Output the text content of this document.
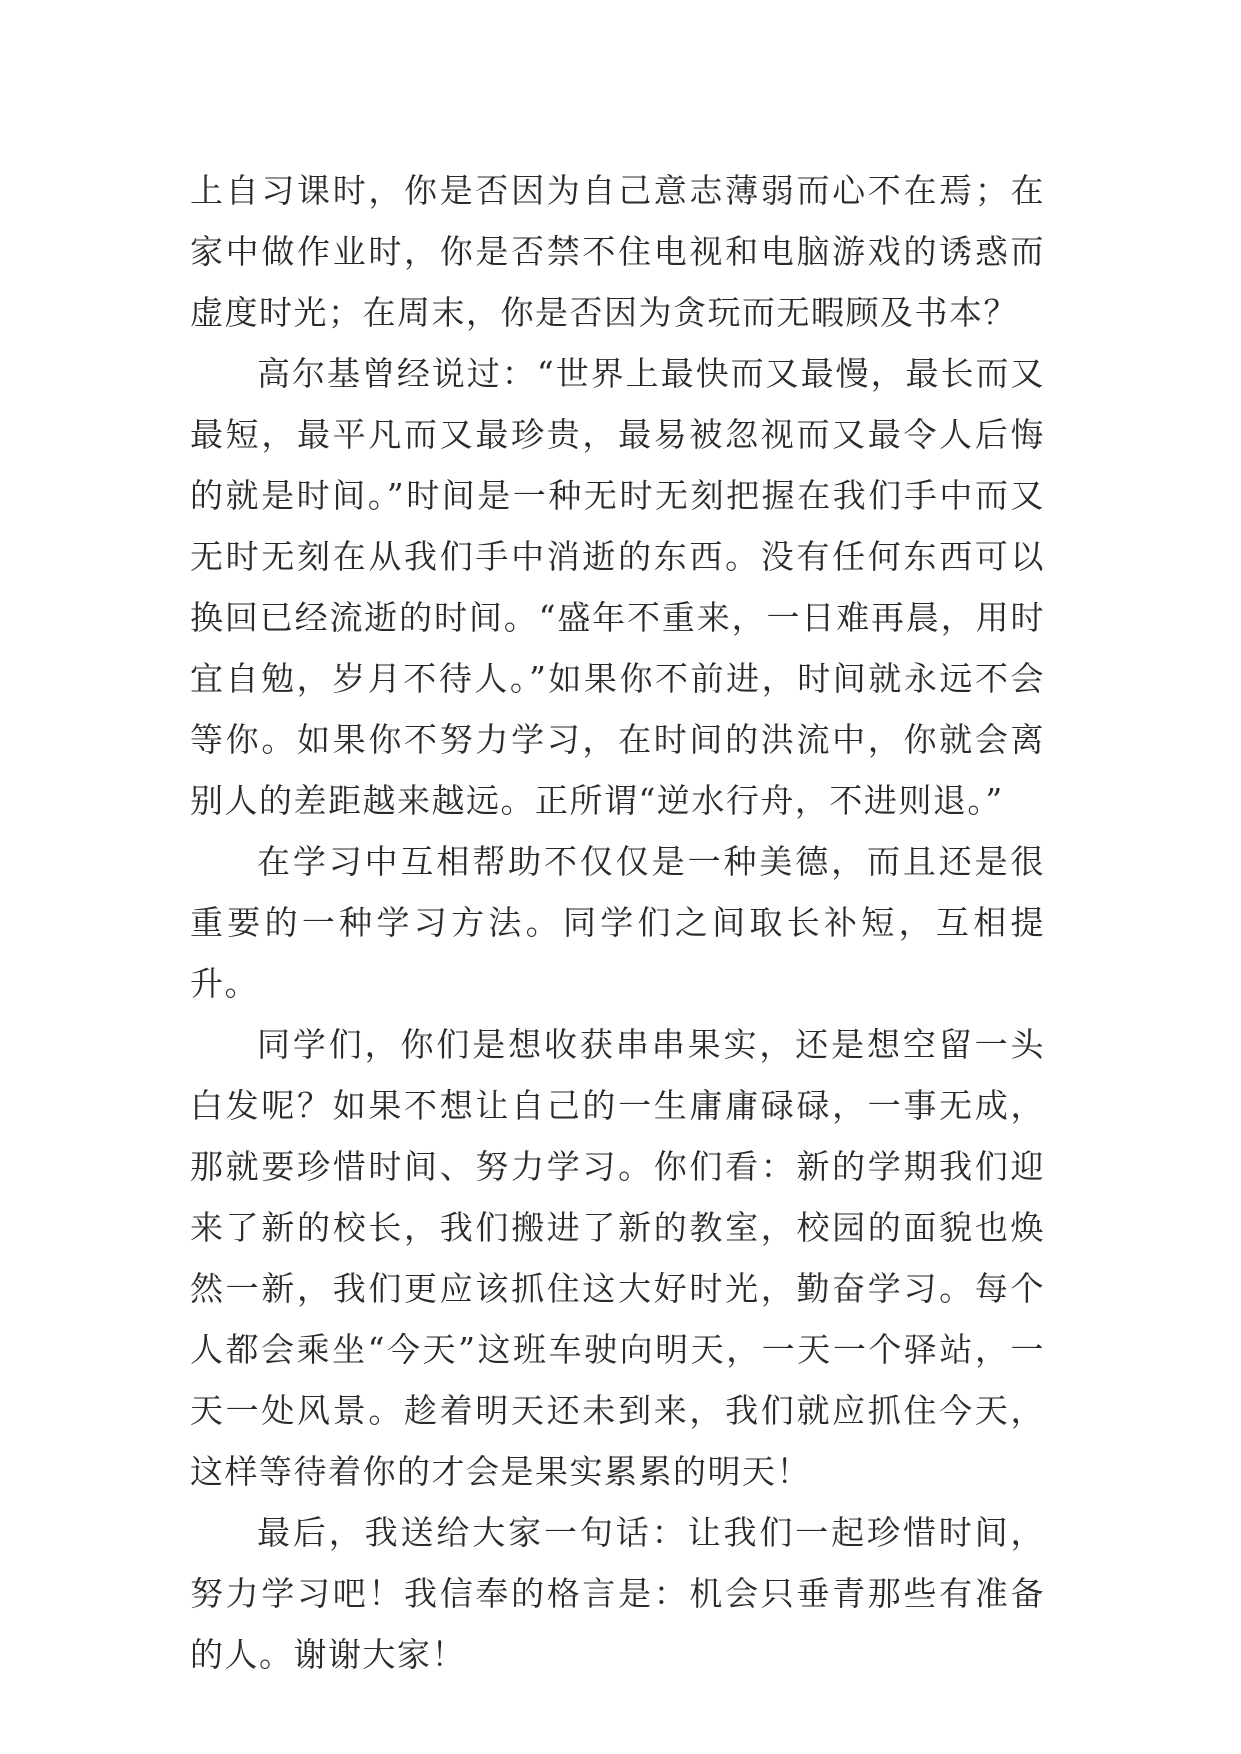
上自习课时，你是否因为自己意志薄弱而心不在焉；在家中做作业时，你是否禁不住电视和电脑游戏的诱惑而虚度时光；在周末，你是否因为贪玩而无暇顾及书本？

高尔基曾经说过：“世界上最快而又最慢，最长而又最短，最平凡而又最珍贵，最易被忽视而又最令人后悔的就是时间。”时间是一种无时无刻把握在我们手中而又无时无刻在从我们手中消逝的东西。没有任何东西可以换回已经流逝的时间。“盛年不重来，一日难再晨，用时宜自勉，岁月不待人。”如果你不前进，时间就永远不会等你。如果你不努力学习，在时间的洪流中，你就会离别人的差距越来越远。正所谓“逆水行舟，不进则退。”

在学习中互相帮助不仅仅是一种美德，而且还是很重要的一种学习方法。同学们之间取长补短，互相提升。

同学们，你们是想收获串串果实，还是想空留一头白发呢？如果不想让自己的一生庸庸碌碌，一事无成，那就要珍惜时间、努力学习。你们看：新的学期我们迎来了新的校长，我们搬进了新的教室，校园的面貌也焕然一新，我们更应该抓住这大好时光，勤奋学习。每个人都会乘坐“今天”这班车驶向明天，一天一个驿站，一天一处风景。趁着明天还未到来，我们就应抓住今天，这样等待着你的才会是果实累累的明天！

最后，我送给大家一句话：让我们一起珍惜时间，努力学习吧！我信奉的格言是：机会只垂青那些有准备的人。谢谢大家！
